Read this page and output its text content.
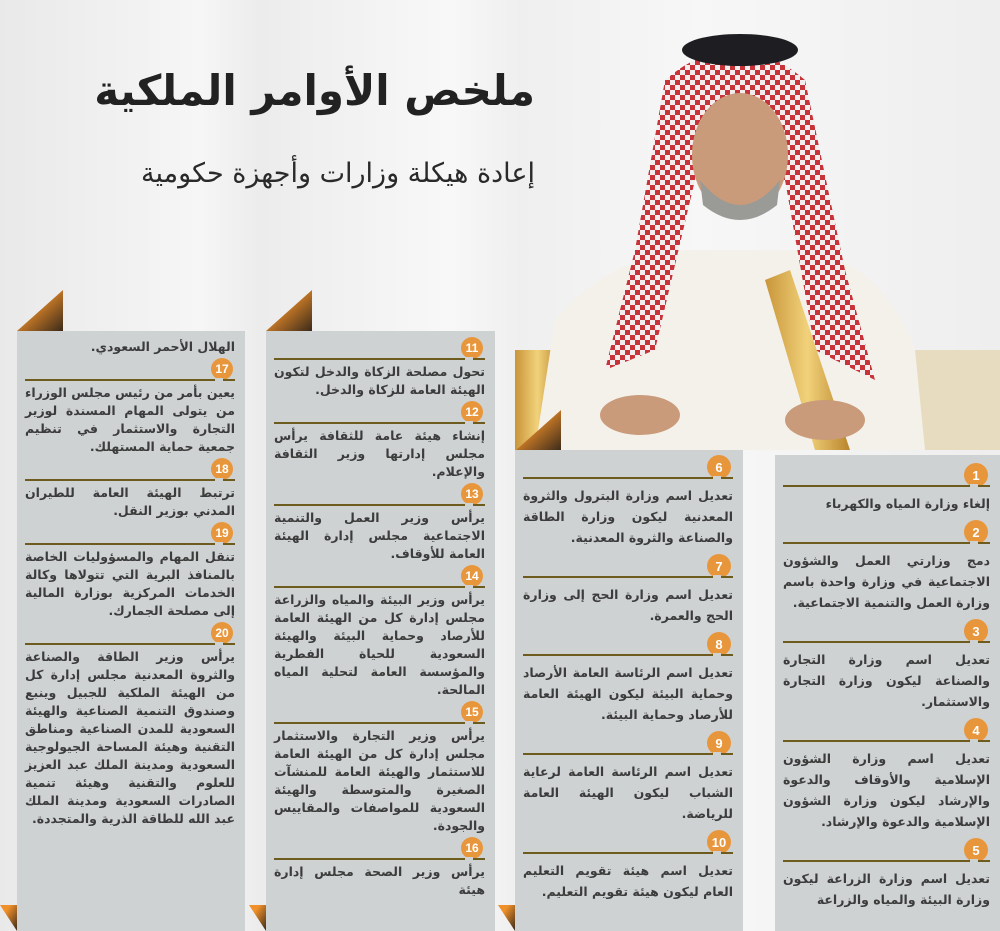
ملخص الأوامر الملكية
إعادة هيكلة وزارات وأجهزة حكومية
1
إلغاء وزارة المياه والكهرباء
2
دمج وزارتي العمل والشؤون الاجتماعية في وزارة واحدة باسم وزارة العمل والتنمية الاجتماعية.
3
تعديل اسم وزارة التجارة والصناعة ليكون وزارة التجارة والاستثمار.
4
تعديل اسم وزارة الشؤون الإسلامية والأوقاف والدعوة والإرشاد ليكون وزارة الشؤون الإسلامية والدعوة والإرشاد.
5
تعديل اسم وزارة الزراعة ليكون وزارة البيئة والمياه والزراعة
6
تعديل اسم وزارة البترول والثروة المعدنية ليكون وزارة الطاقة والصناعة والثروة المعدنية.
7
تعديل اسم وزارة الحج إلى وزارة الحج والعمرة.
8
تعديل اسم الرئاسة العامة الأرصاد وحماية البيئة ليكون الهيئة العامة للأرصاد وحماية البيئة.
9
تعديل اسم الرئاسة العامة لرعاية الشباب ليكون الهيئة العامة للرياضة.
10
تعديل اسم هيئة تقويم التعليم العام ليكون هيئة تقويم التعليم.
11
تحول مصلحة الزكاة والدخل لتكون الهيئة العامة للزكاة والدخل.
12
إنشاء هيئة عامة للثقافة يرأس مجلس إدارتها وزير الثقافة والإعلام.
13
يرأس وزير العمل والتنمية الاجتماعية مجلس إدارة الهيئة العامة للأوقاف.
14
يرأس وزير البيئة والمياه والزراعة مجلس إدارة كل من الهيئة العامة للأرصاد وحماية البيئة والهيئة السعودية للحياة الفطرية والمؤسسة العامة لتحلية المياه المالحة.
15
يرأس وزير التجارة والاستثمار مجلس إدارة كل من الهيئة العامة للاستثمار والهيئة العامة للمنشآت الصغيرة والمتوسطة والهيئة السعودية للمواصفات والمقاييس والجودة.
16
يرأس وزير الصحة مجلس إدارة هيئة
الهلال الأحمر السعودي.
17
يعين بأمر من رئيس مجلس الوزراء من يتولى المهام المسندة لوزير التجارة والاستثمار في تنظيم جمعية حماية المستهلك.
18
ترتبط الهيئة العامة للطيران المدني بوزير النقل.
19
تنقل المهام والمسؤوليات الخاصة بالمنافذ البرية التي تتولاها وكالة الخدمات المركزية بوزارة المالية إلى مصلحة الجمارك.
20
يرأس وزير الطاقة والصناعة والثروة المعدنية مجلس إدارة كل من الهيئة الملكية للجبيل وينبع وصندوق التنمية الصناعية والهيئة السعودية للمدن الصناعية ومناطق التقنية وهيئة المساحة الجيولوجية السعودية ومدينة الملك عبد العزيز للعلوم والتقنية وهيئة تنمية الصادرات السعودية ومدينة الملك عبد الله للطاقة الذرية والمتجددة.
